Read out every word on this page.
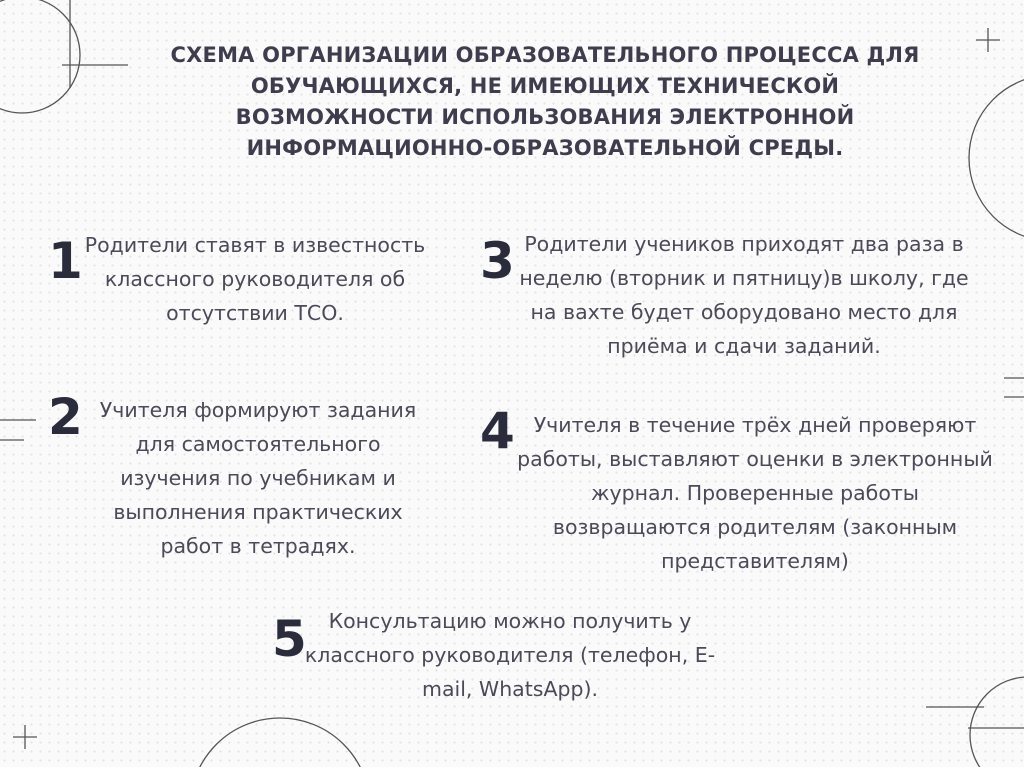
СХЕМА ОРГАНИЗАЦИИ ОБРАЗОВАТЕЛЬНОГО ПРОЦЕССА ДЛЯ ОБУЧАЮЩИХСЯ, НЕ ИМЕЮЩИХ ТЕХНИЧЕСКОЙ ВОЗМОЖНОСТИ ИСПОЛЬЗОВАНИЯ ЭЛЕКТРОННОЙ ИНФОРМАЦИОННО-ОБРАЗОВАТЕЛЬНОЙ СРЕДЫ.
1 Родители ставят в известность классного руководителя об отсутствии ТСО.

2 Учителя формируют задания для самостоятельного изучения по учебникам и выполнения практических работ в тетрадях.

3 Родители учеников приходят два раза в неделю (вторник и пятницу)в школу, где на вахте будет оборудовано место для приёма и сдачи заданий.

4 Учителя в течение трёх дней проверяют работы, выставляют оценки в электронный журнал. Проверенные работы возвращаются родителям (законным представителям)

5	Консультацию можно получить у классного руководителя (телефон, E-mail, WhatsApp).
